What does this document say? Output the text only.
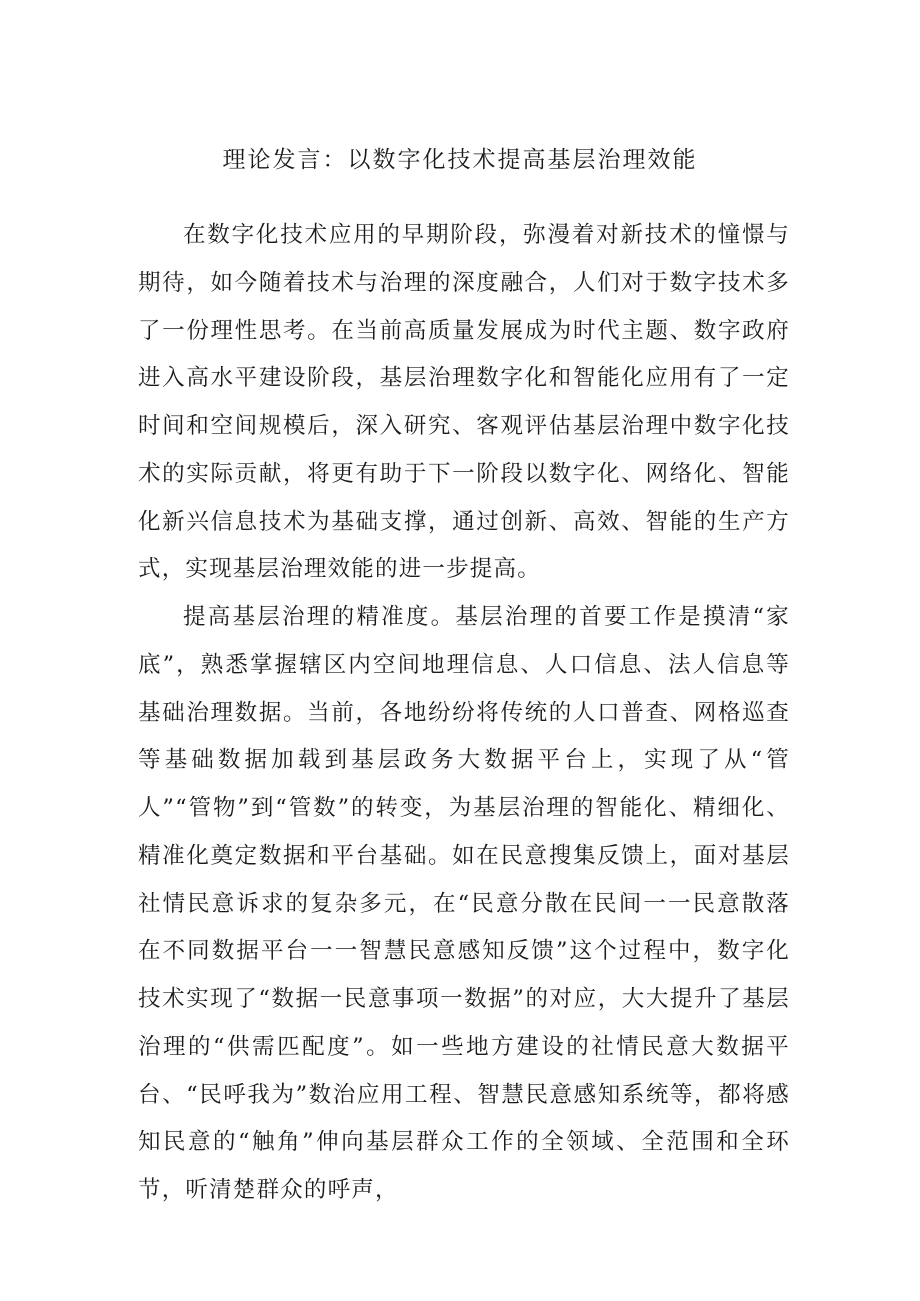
理论发言：以数字化技术提高基层治理效能

在数字化技术应用的早期阶段，弥漫着对新技术的憧憬与期待，如今随着技术与治理的深度融合，人们对于数字技术多了一份理性思考。在当前高质量发展成为时代主题、数字政府进入高水平建设阶段，基层治理数字化和智能化应用有了一定时间和空间规模后，深入研究、客观评估基层治理中数字化技术的实际贡献，将更有助于下一阶段以数字化、网络化、智能化新兴信息技术为基础支撑，通过创新、高效、智能的生产方式，实现基层治理效能的进一步提高。

提高基层治理的精准度。基层治理的首要工作是摸清“家底”，熟悉掌握辖区内空间地理信息、人口信息、法人信息等基础治理数据。当前，各地纷纷将传统的人口普查、网格巡查等基础数据加载到基层政务大数据平台上，实现了从“管人”“管物”到“管数”的转变，为基层治理的智能化、精细化、精准化奠定数据和平台基础。如在民意搜集反馈上，面对基层社情民意诉求的复杂多元，在“民意分散在民间一一民意散落在不同数据平台一一智慧民意感知反馈”这个过程中，数字化技术实现了“数据一民意事项一数据”的对应，大大提升了基层治理的“供需匹配度”。如一些地方建设的社情民意大数据平台、“民呼我为”数治应用工程、智慧民意感知系统等，都将感知民意的“触角”伸向基层群众工作的全领域、全范围和全环节，听清楚群众的呼声，
